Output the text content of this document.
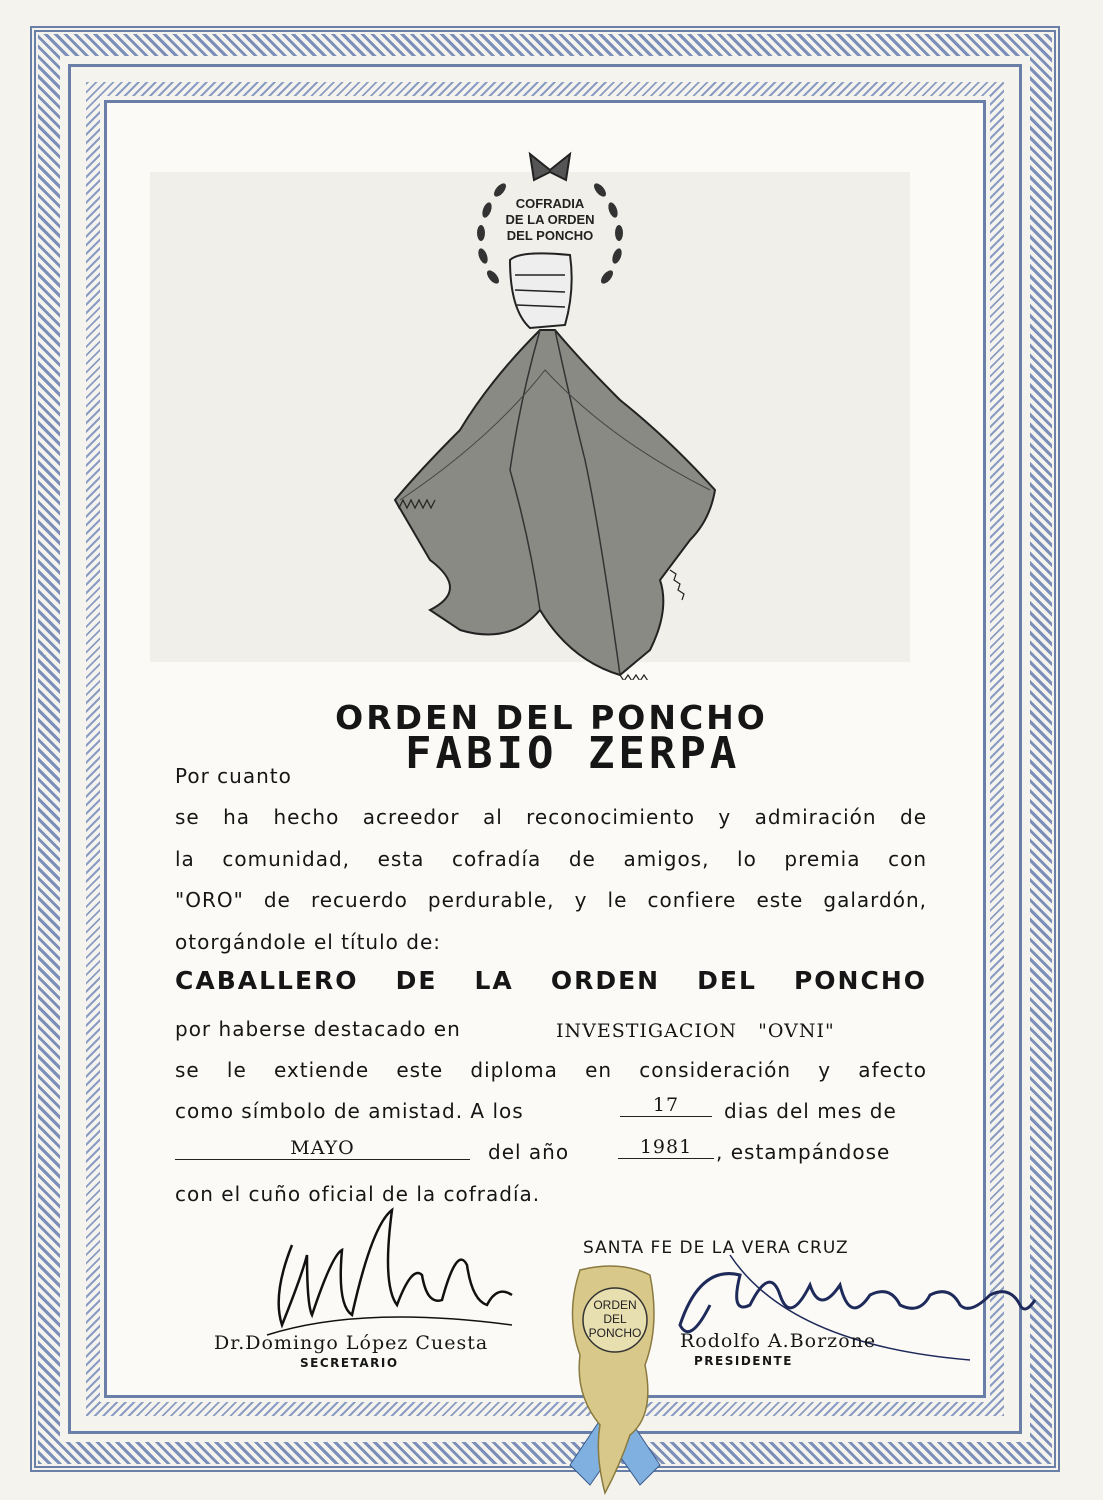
COFRADIA
DE LA ORDEN
DEL PONCHO
ORDEN DEL PONCHO
Por cuanto	FABIO ZERPA
se ha hecho acreedor al reconocimiento y admiración de
la comunidad, esta cofradía de amigos, lo premia con
"ORO" de recuerdo perdurable, y le confiere este galardón,
otorgándole el título de:
CABALLERO DE LA ORDEN DEL PONCHO
por haberse destacado en	INVESTIGACION   "OVNI"
se le extiende este diploma en consideración y afecto
como símbolo de amistad. A los	17	dias del mes de
MAYO	del año	1981	, estampándose
con el cuño oficial de la cofradía.
SANTA FE DE LA VERA CRUZ
Dr.Domingo López Cuesta
SECRETARIO
Rodolfo A.Borzone
PRESIDENTE
ORDEN
DEL
PONCHO
